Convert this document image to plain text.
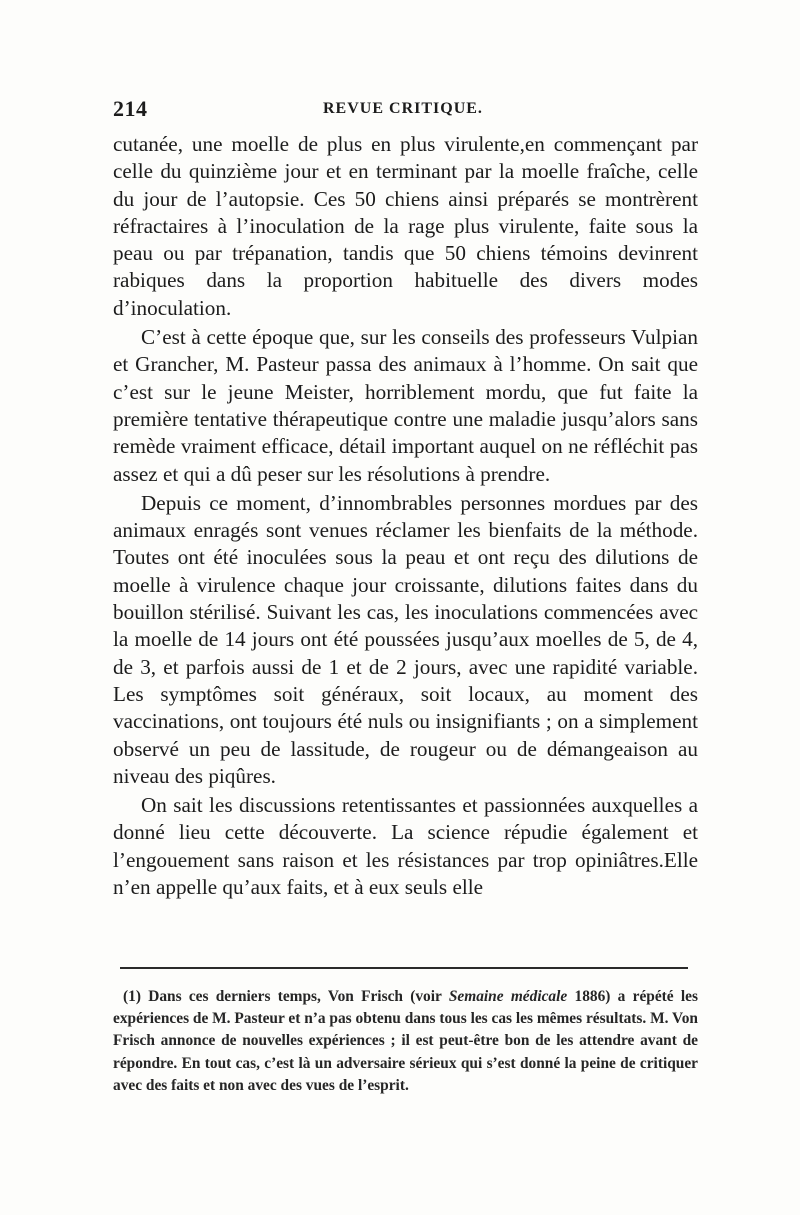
214	REVUE CRITIQUE.

cutanée, une moelle de plus en plus virulente,en commençant par celle du quinzième jour et en terminant par la moelle fraîche, celle du jour de l’autopsie. Ces 50 chiens ainsi préparés se montrèrent réfractaires à l’inoculation de la rage plus virulente, faite sous la peau ou par trépanation, tandis que 50 chiens témoins devinrent rabiques dans la proportion habituelle des divers modes d’inoculation.

C’est à cette époque que, sur les conseils des professeurs Vulpian et Grancher, M. Pasteur passa des animaux à l’homme. On sait que c’est sur le jeune Meister, horriblement mordu, que fut faite la première tentative thérapeutique contre une maladie jusqu’alors sans remède vraiment efficace, détail important auquel on ne réfléchit pas assez et qui a dû peser sur les résolutions à prendre.

Depuis ce moment, d’innombrables personnes mordues par des animaux enragés sont venues réclamer les bienfaits de la méthode. Toutes ont été inoculées sous la peau et ont reçu des dilutions de moelle à virulence chaque jour croissante, dilutions faites dans du bouillon stérilisé. Suivant les cas, les inoculations commencées avec la moelle de 14 jours ont été poussées jusqu’aux moelles de 5, de 4, de 3, et parfois aussi de 1 et de 2 jours, avec une rapidité variable. Les symptômes soit généraux, soit locaux, au moment des vaccinations, ont toujours été nuls ou insignifiants ; on a simplement observé un peu de lassitude, de rougeur ou de démangeaison au niveau des piqûres.

On sait les discussions retentissantes et passionnées auxquelles a donné lieu cette découverte. La science répudie également et l’engouement sans raison et les résistances par trop opiniâtres.Elle n’en appelle qu’aux faits, et à eux seuls elle

(1) Dans ces derniers temps, Von Frisch (voir Semaine médicale 1886) a répété les expériences de M. Pasteur et n’a pas obtenu dans tous les cas les mêmes résultats. M. Von Frisch annonce de nouvelles expériences ; il est peut-être bon de les attendre avant de répondre. En tout cas, c’est là un adversaire sérieux qui s’est donné la peine de critiquer avec des faits et non avec des vues de l’esprit.
